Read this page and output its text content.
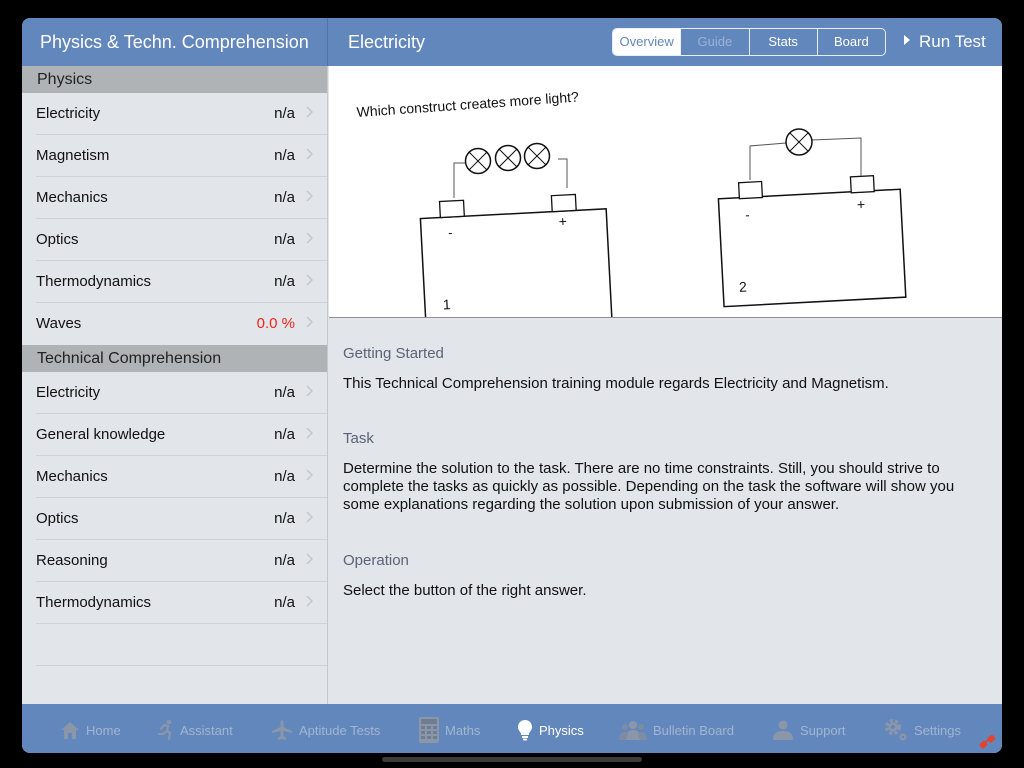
Physics & Techn. Comprehension Electricity	Overview	Guide	Stats	Board	Run Test
Physics
Electricity	n/a
Magnetism	n/a
Mechanics	n/a
Optics	n/a
Thermodynamics	n/a
Waves	0.0 %
Technical Comprehension
Electricity	n/a
General knowledge	n/a
Mechanics	n/a
Optics	n/a
Reasoning	n/a
Thermodynamics	n/a
Which construct creates more light?
-
+
1
-
+
2
Getting Started
This Technical Comprehension training module regards Electricity and Magnetism.
Task
Determine the solution to the task. There are no time constraints. Still, you should strive to complete the tasks as quickly as possible. Depending on the task the software will show you some explanations regarding the solution upon submission of your answer.
Operation
Select the button of the right answer.
Home	Assistant	Aptitude Tests	Maths	Physics	Bulletin Board	Support	Settings
